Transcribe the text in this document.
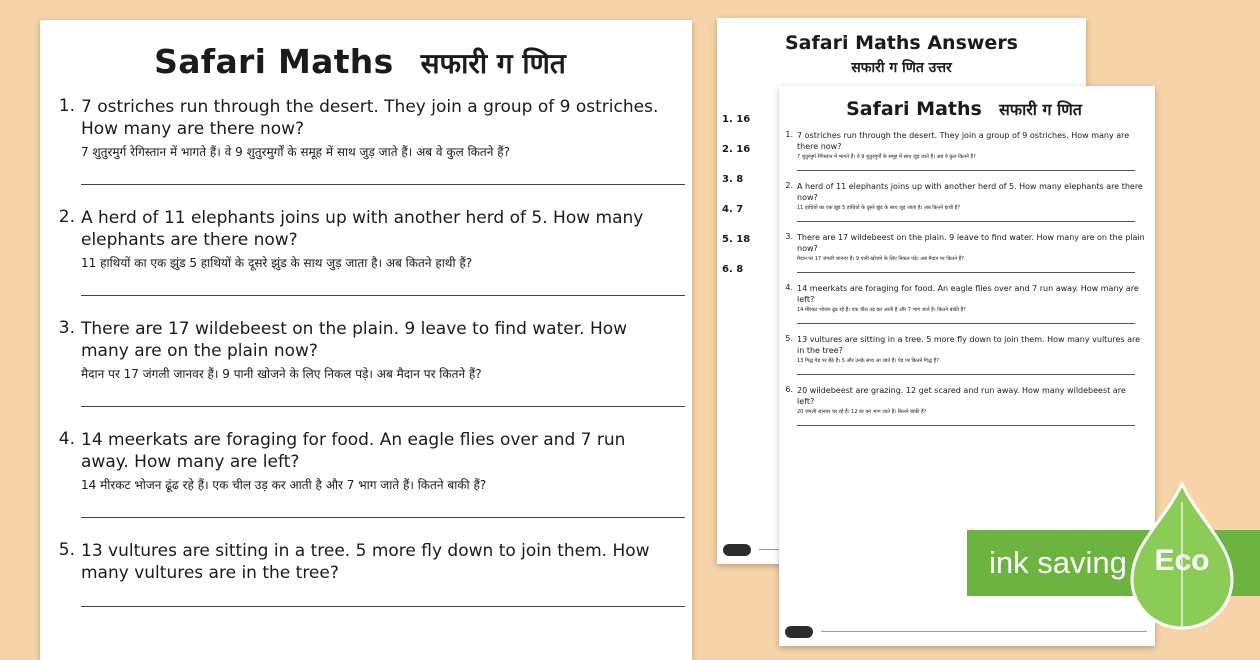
Safari Maths सफारी ग णित
1. 7 ostriches run through the desert. They join a group of 9 ostriches. How many are there now?
7 शुतुरमुर्ग रेगिस्तान में भागते हैं। वे 9 शुतुरमुर्गों के समूह में साथ जुड़ जाते हैं। अब वे कुल कितने हैं?
2. A herd of 11 elephants joins up with another herd of 5. How many elephants are there now?
11 हाथियों का एक झुंड 5 हाथियों के दूसरे झुंड के साथ जुड़ जाता है। अब कितने हाथी हैं?
3. There are 17 wildebeest on the plain. 9 leave to find water. How many are on the plain now?
मैदान पर 17 जंगली जानवर हैं। 9 पानी खोजने के लिए निकल पड़े। अब मैदान पर कितने हैं?
4. 14 meerkats are foraging for food. An eagle flies over and 7 run away. How many are left?
14 मीरकट भोजन ढूंढ रहे हैं। एक चील उड़ कर आती है और 7 भाग जाते हैं। कितने बाकी हैं?
5. 13 vultures are sitting in a tree. 5 more fly down to join them. How many vultures are in the tree?
Safari Maths Answers
सफारी ग णित उत्तर
1. 16
2. 16
3. 8
4. 7
5. 18
6. 8
Safari Maths सफारी ग णित
1. 7 ostriches run through the desert. They join a group of 9 ostriches. How many are there now?
7 शुतुरमुर्ग रेगिस्तान में भागते हैं। वे 9 शुतुरमुर्गों के समूह में साथ जुड़ जाते हैं। अब वे कुल कितने हैं?
2. A herd of 11 elephants joins up with another herd of 5. How many elephants are there now?
11 हाथियों का एक झुंड 5 हाथियों के दूसरे झुंड के साथ जुड़ जाता है। अब कितने हाथी हैं?
3. There are 17 wildebeest on the plain. 9 leave to find water. How many are on the plain now?
मैदान पर 17 जंगली जानवर हैं। 9 पानी खोजने के लिए निकल पड़े। अब मैदान पर कितने हैं?
4. 14 meerkats are foraging for food. An eagle flies over and 7 run away. How many are left?
14 मीरकट भोजन ढूंढ रहे हैं। एक चील उड़ कर आती है और 7 भाग जाते हैं। कितने बाकी हैं?
5. 13 vultures are sitting in a tree. 5 more fly down to join them. How many vultures are in the tree?
13 गिद्ध पेड़ पर बैठे हैं। 5 और उनके साथ आ जाते हैं। पेड़ पर कितने गिद्ध हैं?
6. 20 wildebeest are grazing. 12 get scared and run away. How many wildebeest are left?
20 जंगली जानवर चर रहे हैं। 12 डर कर भाग जाते हैं। कितने बाकी हैं?
ink saving Eco
